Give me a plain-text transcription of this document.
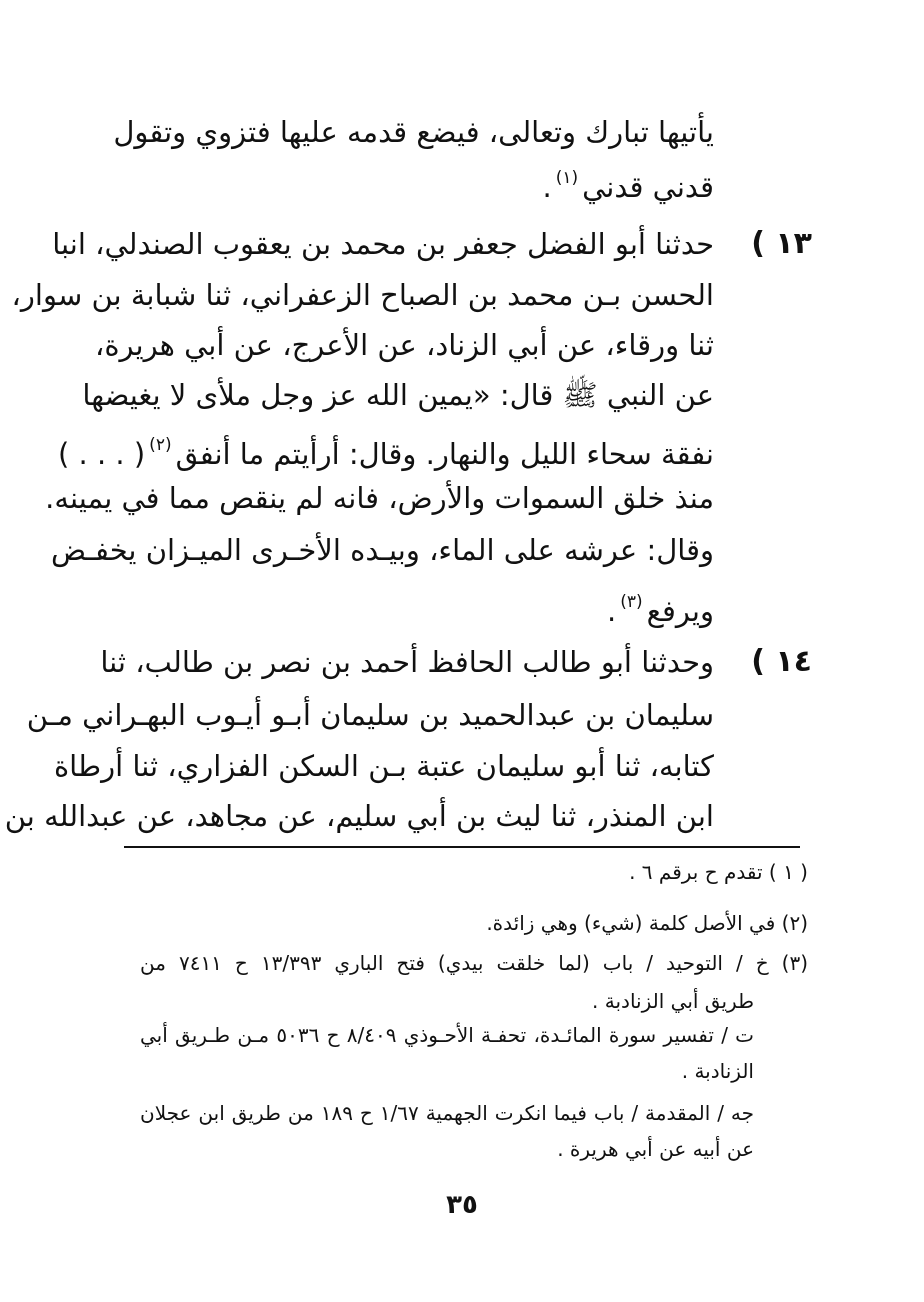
يأتيها تبارك وتعالى، فيضع قدمه عليها فتزوي وتقول
قدني قدني$^{(١)}$.
١٣ )
حدثنا أبو الفضل جعفر بن محمد بن يعقوب الصندلي، انبا
الحسن بـن محمد بن الصباح الزعفراني، ثنا شبابة بن سوار،
ثنا ورقاء، عن أبي الزناد، عن الأعرج، عن أبي هريرة،
عن النبي ﷺ قال: «يمين الله عز وجل ملأى لا يغيضها
نفقة سحاء الليل والنهار. وقال: أرأيتم ما أنفق$^{(٢)}$( . . . )
منذ خلق السموات والأرض، فانه لم ينقص مما في يمينه.
وقال: عرشه على الماء، وبيـده الأخـرى الميـزان يخفـض
ويرفع$^{(٣)}$.
١٤ )
وحدثنا أبو طالب الحافظ أحمد بن نصر بن طالب، ثنا
سليمان بن عبدالحميد بن سليمان أبـو أيـوب البهـراني مـن
كتابه، ثنا أبو سليمان عتبة بـن السكن الفزاري، ثنا أرطاة
ابن المنذر، ثنا ليث بن أبي سليم، عن مجاهد، عن عبدالله بن
( ١ ) تقدم ح برقم ٦ .
(٢) في الأصل كلمة (شيء) وهي زائدة.
(٣) خ / التوحيد / باب (لما خلقت بيدي) فتح الباري ١٣/٣٩٣ ح ٧٤١١ من
طريق أبي الزنادبة .
ت / تفسير سورة المائـدة، تحفـة الأحـوذي ٨/٤٠٩ ح ٥٠٣٦ مـن طـريق أبي
الزنادبة .
جه / المقدمة / باب فيما انكرت الجهمية ١/٦٧ ح ١٨٩ من طريق ابن عجلان
عن أبيه عن أبي هريرة .
٣٥
